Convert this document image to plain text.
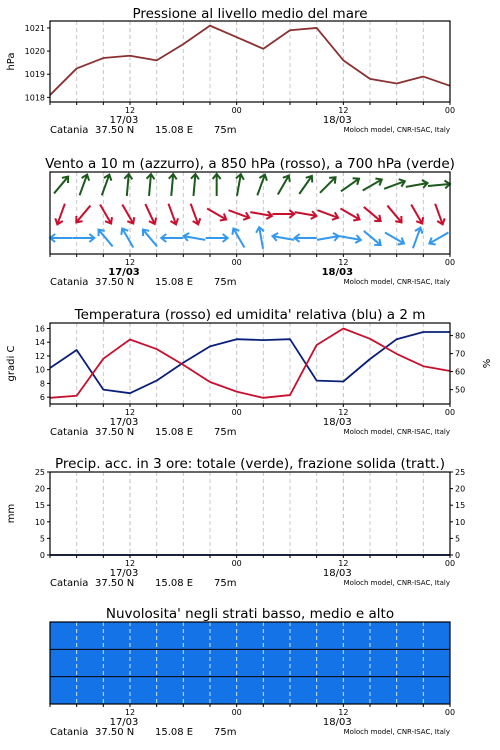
Pressione al livello medio del mare
1018
1019
1020
1021
hPa
12	00	12	00
17/03	18/03
Catania 37.50 N 15.08 E 75m	Moloch model, CNR-ISAC, Italy
Vento a 10 m (azzurro), a 850 hPa (rosso), a 700 hPa (verde)
12	00	12	00
17/03	18/03
Catania 37.50 N 15.08 E 75m	Moloch model, CNR-ISAC, Italy
Temperatura (rosso) ed umidita' relativa (blu) a 2 m
6
8
10
12
14
16
50
60
70
80
gradi C	%
12	00	12	00
17/03	18/03
Catania 37.50 N 15.08 E 75m	Moloch model, CNR-ISAC, Italy
Precip. acc. in 3 ore: totale (verde), frazione solida (tratt.)
0
5
10
15
20
25
0
5
10
15
20
25
mm
12	00	12	00
17/03	18/03
Catania 37.50 N 15.08 E 75m	Moloch model, CNR-ISAC, Italy
Nuvolosita' negli strati basso, medio e alto
12	00	12	00
17/03	18/03
Catania 37.50 N 15.08 E 75m	Moloch model, CNR-ISAC, Italy
